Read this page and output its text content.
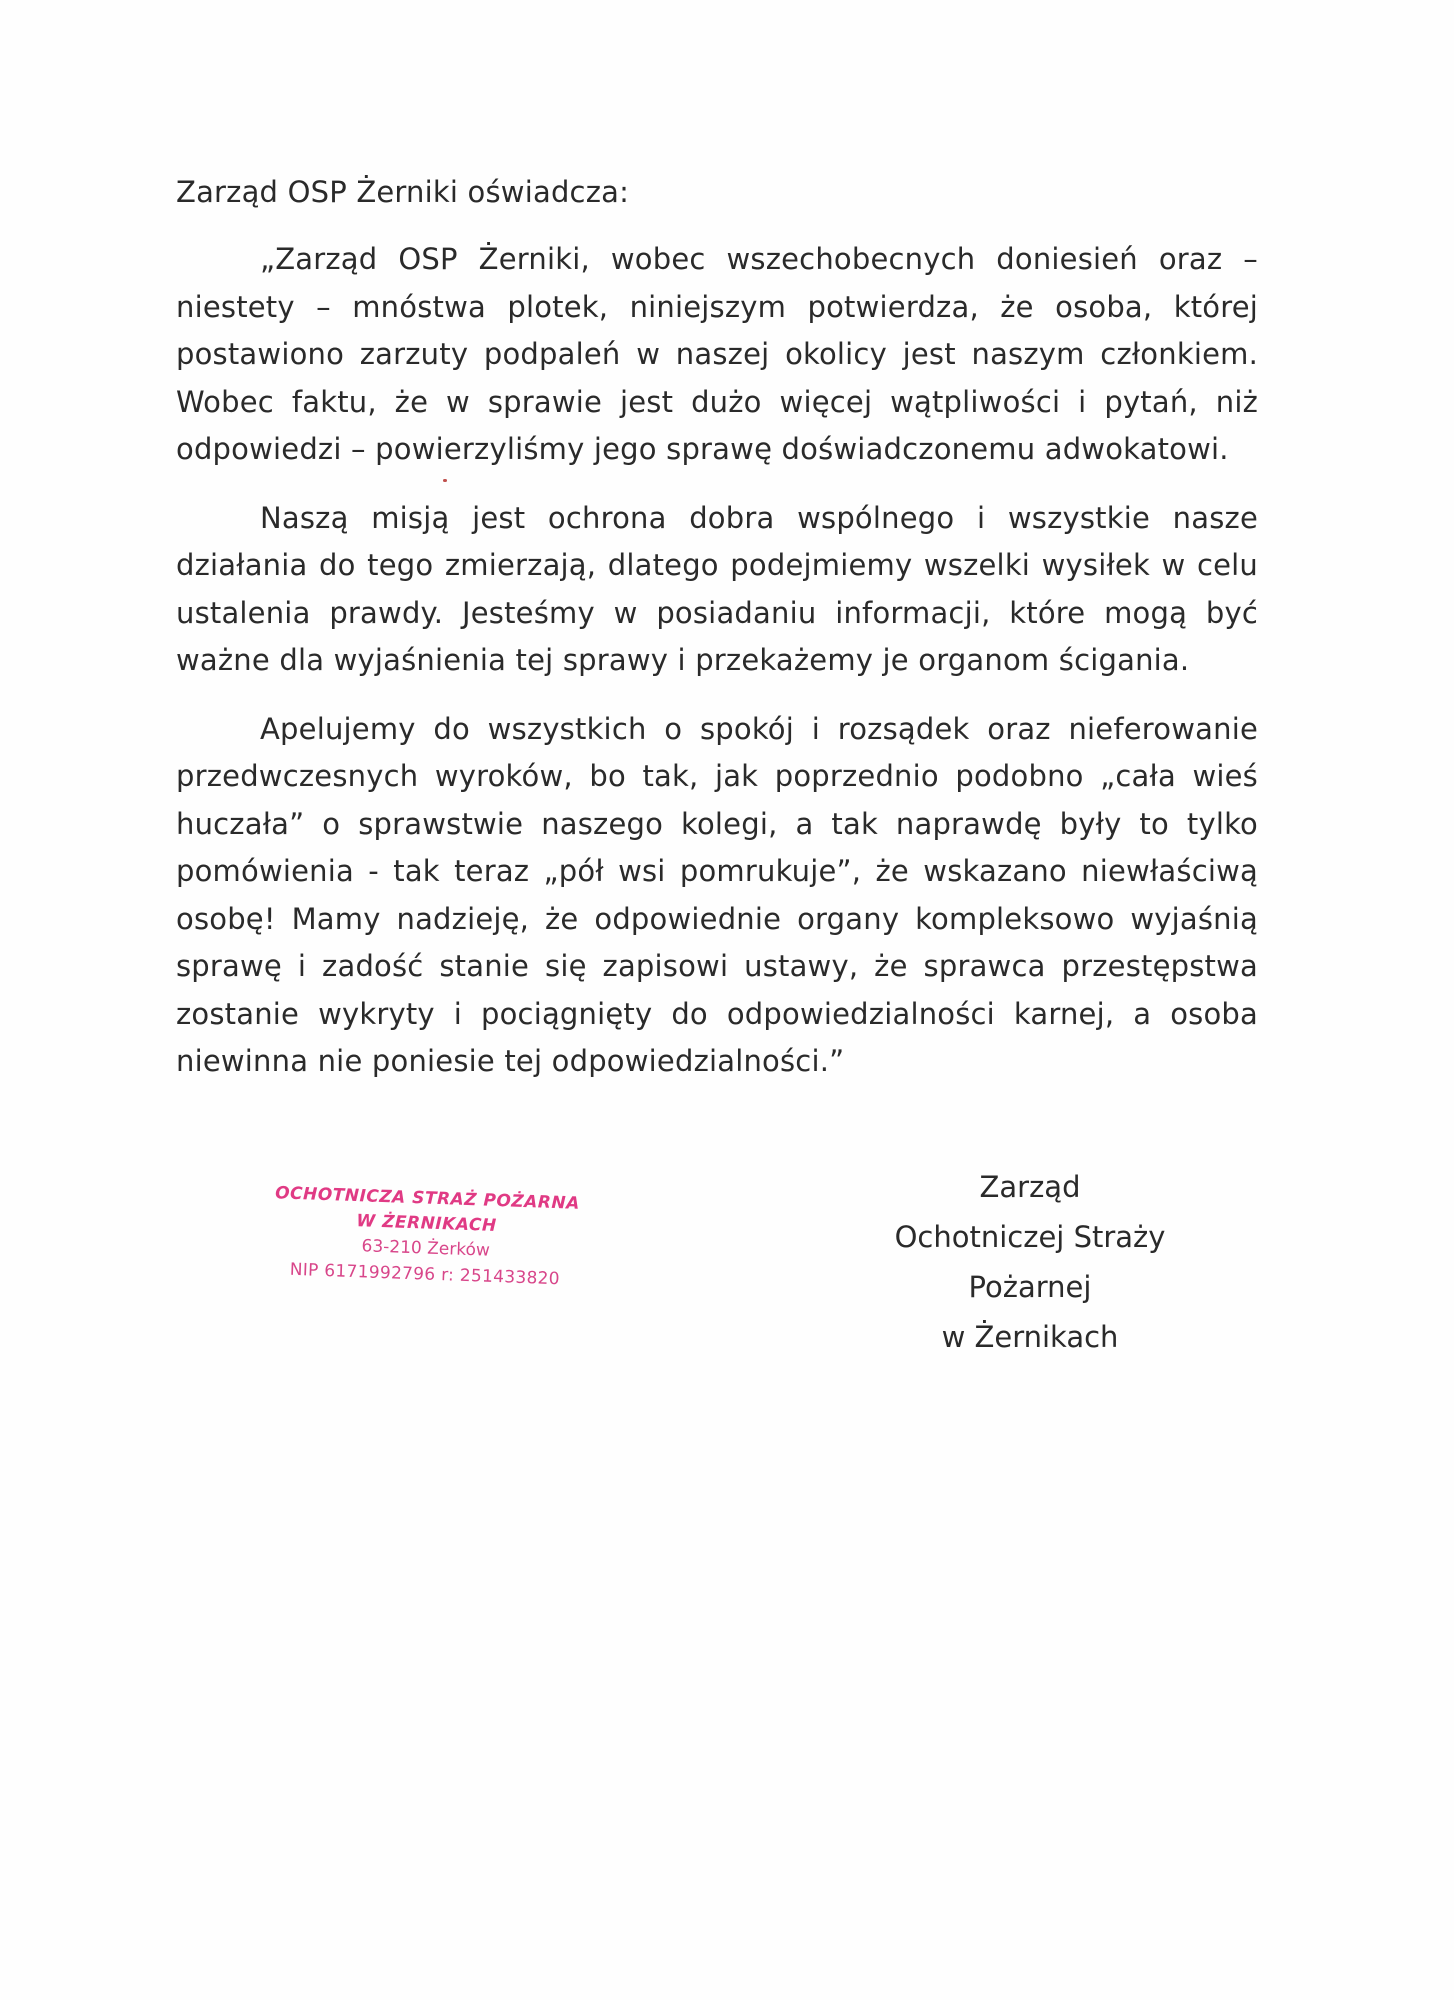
Zarząd OSP Żerniki oświadcza:

„Zarząd OSP Żerniki, wobec wszechobecnych doniesień oraz – niestety – mnóstwa plotek, niniejszym potwierdza, że osoba, której postawiono zarzuty podpaleń w naszej okolicy jest naszym członkiem. Wobec faktu, że w sprawie jest dużo więcej wątpliwości i pytań, niż odpowiedzi – powierzyliśmy jego sprawę doświadczonemu adwokatowi.

Naszą misją jest ochrona dobra wspólnego i wszystkie nasze działania do tego zmierzają, dlatego podejmiemy wszelki wysiłek w celu ustalenia prawdy. Jesteśmy w posiadaniu informacji, które mogą być ważne dla wyjaśnienia tej sprawy i przekażemy je organom ścigania.

Apelujemy do wszystkich o spokój i rozsądek oraz nieferowanie przedwczesnych wyroków, bo tak, jak poprzednio podobno „cała wieś huczała” o sprawstwie naszego kolegi, a tak naprawdę były to tylko pomówienia - tak teraz „pół wsi pomrukuje”, że wskazano niewłaściwą osobę! Mamy nadzieję, że odpowiednie organy kompleksowo wyjaśnią sprawę i zadość stanie się zapisowi ustawy, że sprawca przestępstwa zostanie wykryty i pociągnięty do odpowiedzialności karnej, a osoba niewinna nie poniesie tej odpowiedzialności.”

OCHOTNICZA STRAŻ POŻARNA
W ŻERNIKACH
63-210 Żerków
NIP 6171992796 r: 251433820
Zarząd
Ochotniczej Straży Pożarnej
w Żernikach
